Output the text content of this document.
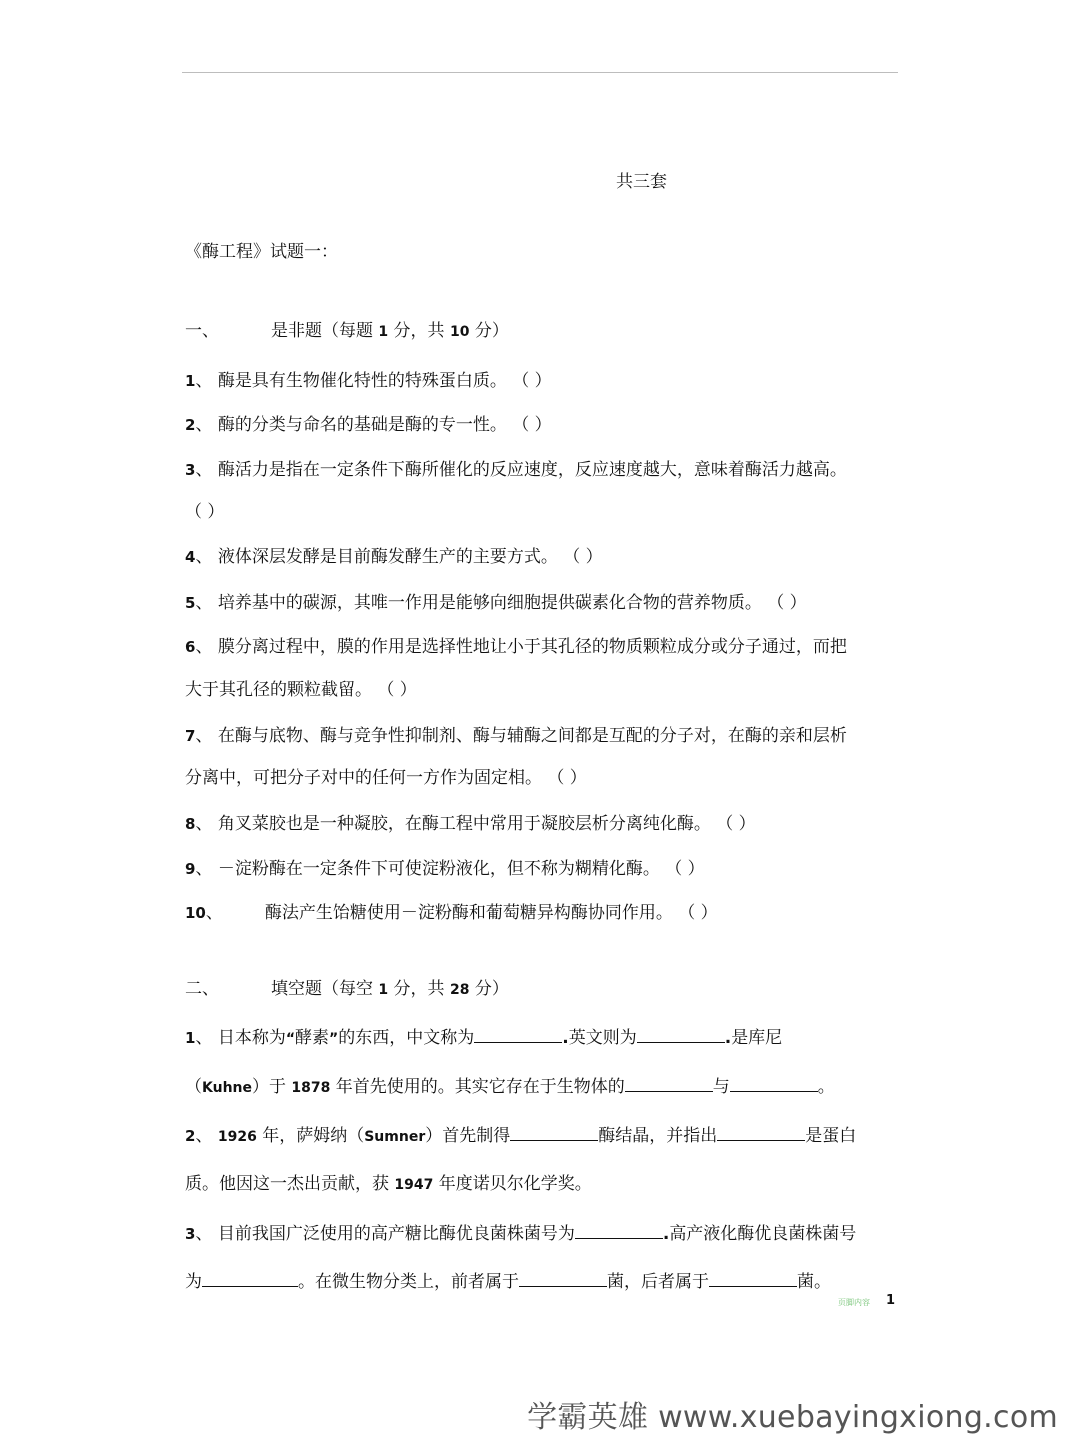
共三套
《酶工程》试题一：
一、	是非题（每题 1 分，共 10 分）
1、 酶是具有生物催化特性的特殊蛋白质。 （ ）
2、 酶的分类与命名的基础是酶的专一性。 （ ）
3、 酶活力是指在一定条件下酶所催化的反应速度，反应速度越大，意味着酶活力越高。
（ ）
4、 液体深层发酵是目前酶发酵生产的主要方式。 （ ）
5、 培养基中的碳源，其唯一作用是能够向细胞提供碳素化合物的营养物质。 （ ）
6、 膜分离过程中，膜的作用是选择性地让小于其孔径的物质颗粒成分或分子通过，而把
大于其孔径的颗粒截留。 （ ）
7、 在酶与底物、酶与竞争性抑制剂、酶与辅酶之间都是互配的分子对，在酶的亲和层析
分离中，可把分子对中的任何一方作为固定相。 （ ）
8、 角叉菜胶也是一种凝胶，在酶工程中常用于凝胶层析分离纯化酶。 （ ）
9、 －淀粉酶在一定条件下可使淀粉液化，但不称为糊精化酶。 （ ）
10、 酶法产生饴糖使用－淀粉酶和葡萄糖异构酶协同作用。 （ ）
二、	填空题（每空 1 分，共 28 分）
1、 日本称为“酵素”的东西，中文称为	.英文则为	.是库尼
（Kuhne）于 1878 年首先使用的。其实它存在于生物体的	与	。
2、 1926 年，萨姆纳（Sumner）首先制得	酶结晶，并指出	是蛋白
质。他因这一杰出贡献，获 1947 年度诺贝尔化学奖。
3、 目前我国广泛使用的高产糖比酶优良菌株菌号为	.高产液化酶优良菌株菌号
为	。在微生物分类上，前者属于	菌，后者属于	菌。
页脚内容 1
学霸英雄 www.xuebayingxiong.com
